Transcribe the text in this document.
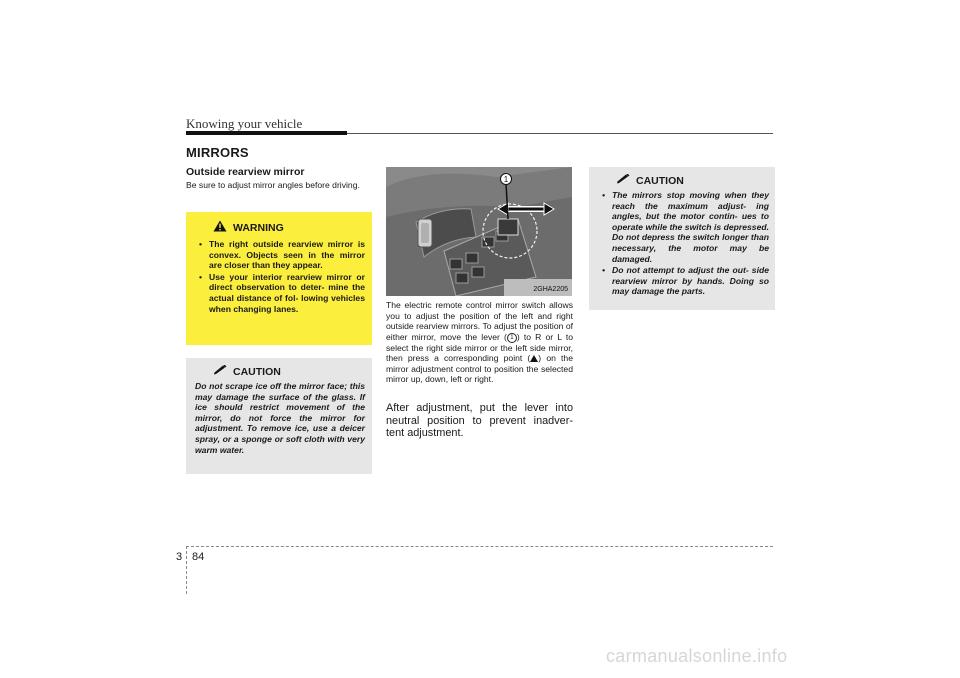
Knowing your vehicle
MIRRORS
Outside rearview mirror
Be sure to adjust mirror angles before driving.
WARNING
• The right outside rearview mirror is convex. Objects seen in the mirror are closer than they appear.
• Use your interior rearview mirror or direct observation to deter- mine the actual distance of fol- lowing vehicles when changing lanes.
CAUTION
Do not scrape ice off the mirror face; this may damage the surface of the glass. If ice should restrict movement of the mirror, do not force the mirror for adjustment. To remove ice, use a deicer spray, or a sponge or soft cloth with very warm water.
1
2GHA2205
The electric remote control mirror switch allows you to adjust the position of the left and right outside rearview mirrors. To adjust the position of either mirror, move the lever ( 1 ) to R or L to select the right side mirror or the left side mirror, then press a corresponding point ( ) on the mirror adjustment control to position the selected mirror up, down, left or right.
After adjustment, put the lever into neutral position to prevent inadver- tent adjustment.
CAUTION
• The mirrors stop moving when they reach the maximum adjust- ing angles, but the motor contin- ues to operate while the switch is depressed. Do not depress the switch longer than necessary, the motor may be damaged.
• Do not attempt to adjust the out- side rearview mirror by hands. Doing so may damage the parts.
3 84
carmanualsonline.info
